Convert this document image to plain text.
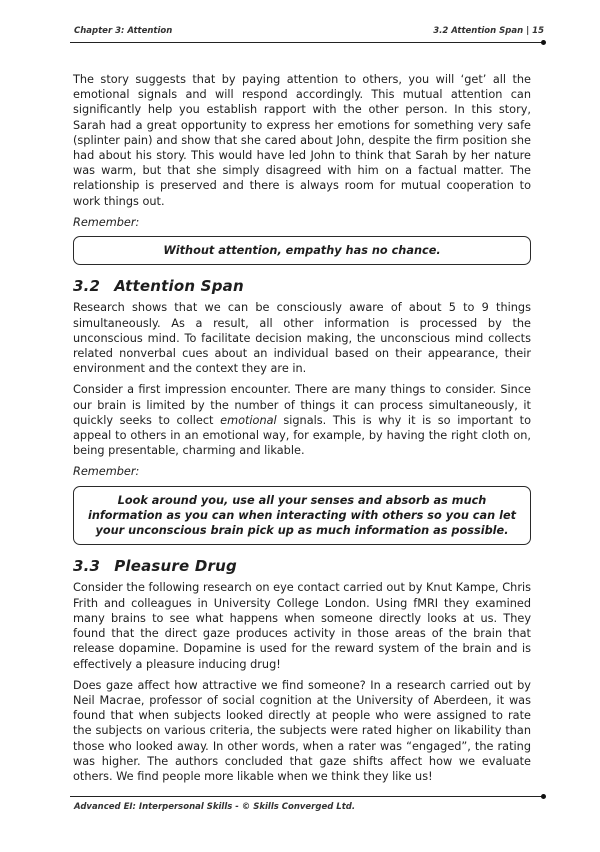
Chapter 3: Attention	3.2 Attention Span | 15

The story suggests that by paying attention to others, you will ‘get’ all the emotional signals and will respond accordingly. This mutual attention can significantly help you establish rapport with the other person. In this story, Sarah had a great opportunity to express her emotions for something very safe (splinter pain) and show that she cared about John, despite the firm position she had about his story. This would have led John to think that Sarah by her nature was warm, but that she simply disagreed with him on a factual matter. The relationship is preserved and there is always room for mutual cooperation to work things out.

Remember:
Without attention, empathy has no chance.
3.2 Attention Span

Research shows that we can be consciously aware of about 5 to 9 things simultaneously. As a result, all other information is processed by the unconscious mind. To facilitate decision making, the unconscious mind collects related nonverbal cues about an individual based on their appearance, their environment and the context they are in.

Consider a first impression encounter. There are many things to consider. Since our brain is limited by the number of things it can process simultaneously, it quickly seeks to collect emotional signals. This is why it is so important to appeal to others in an emotional way, for example, by having the right cloth on, being presentable, charming and likable.

Remember:
Look around you, use all your senses and absorb as much information as you can when interacting with others so you can let your unconscious brain pick up as much information as possible.
3.3 Pleasure Drug

Consider the following research on eye contact carried out by Knut Kampe, Chris Frith and colleagues in University College London. Using fMRI they examined many brains to see what happens when someone directly looks at us. They found that the direct gaze produces activity in those areas of the brain that release dopamine. Dopamine is used for the reward system of the brain and is effectively a pleasure inducing drug!

Does gaze affect how attractive we find someone? In a research carried out by Neil Macrae, professor of social cognition at the University of Aberdeen, it was found that when subjects looked directly at people who were assigned to rate the subjects on various criteria, the subjects were rated higher on likability than those who looked away. In other words, when a rater was “engaged”, the rating was higher. The authors concluded that gaze shifts affect how we evaluate others. We find people more likable when we think they like us!

Advanced EI: Interpersonal Skills - © Skills Converged Ltd.
